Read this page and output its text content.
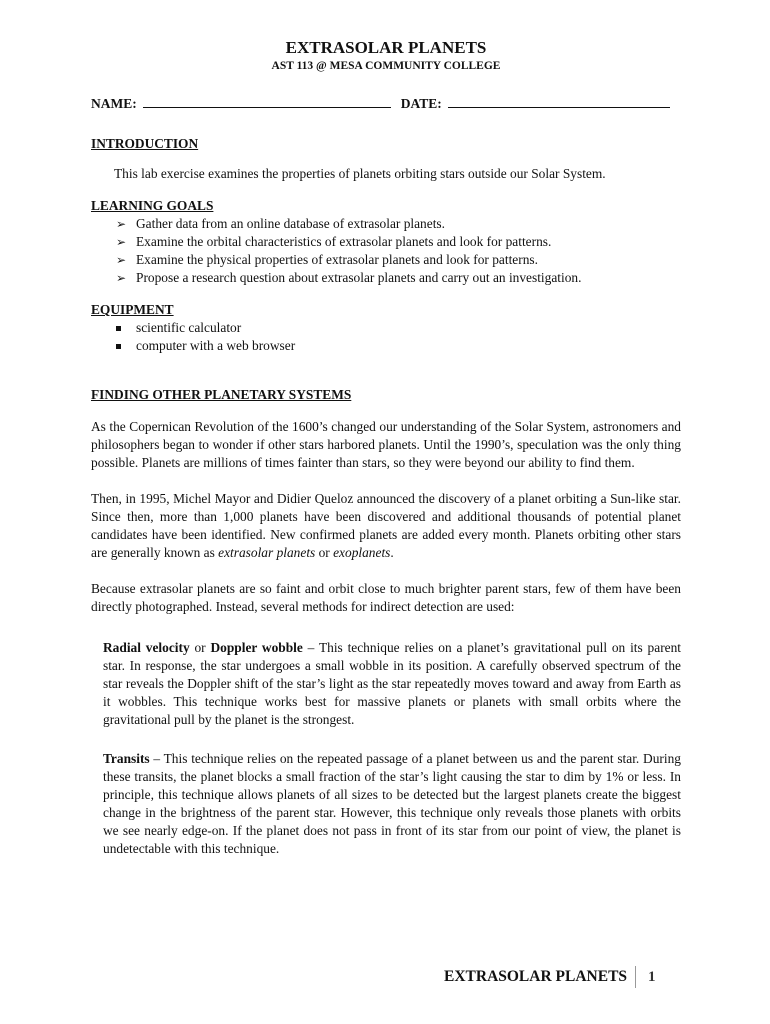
EXTRASOLAR PLANETS
AST 113 @ MESA COMMUNITY COLLEGE
NAME:	DATE:
INTRODUCTION

This lab exercise examines the properties of planets orbiting stars outside our Solar System.

LEARNING GOALS
➢ Gather data from an online database of extrasolar planets.
➢ Examine the orbital characteristics of extrasolar planets and look for patterns.
➢ Examine the physical properties of extrasolar planets and look for patterns.
➢ Propose a research question about extrasolar planets and carry out an investigation.
EQUIPMENT
scientific calculator
computer with a web browser
FINDING OTHER PLANETARY SYSTEMS

As the Copernican Revolution of the 1600’s changed our understanding of the Solar System, astronomers and philosophers began to wonder if other stars harbored planets. Until the 1990’s, speculation was the only thing possible. Planets are millions of times fainter than stars, so they were beyond our ability to find them.

Then, in 1995, Michel Mayor and Didier Queloz announced the discovery of a planet orbiting a Sun-like star. Since then, more than 1,000 planets have been discovered and additional thousands of potential planet candidates have been identified. New confirmed planets are added every month. Planets orbiting other stars are generally known as extrasolar planets or exoplanets.

Because extrasolar planets are so faint and orbit close to much brighter parent stars, few of them have been directly photographed. Instead, several methods for indirect detection are used:

Radial velocity or Doppler wobble – This technique relies on a planet’s gravitational pull on its parent star. In response, the star undergoes a small wobble in its position. A carefully observed spectrum of the star reveals the Doppler shift of the star’s light as the star repeatedly moves toward and away from Earth as it wobbles. This technique works best for massive planets or planets with small orbits where the gravitational pull by the planet is the strongest.

Transits – This technique relies on the repeated passage of a planet between us and the parent star. During these transits, the planet blocks a small fraction of the star’s light causing the star to dim by 1% or less. In principle, this technique allows planets of all sizes to be detected but the largest planets create the biggest change in the brightness of the parent star. However, this technique only reveals those planets with orbits we see nearly edge-on. If the planet does not pass in front of its star from our point of view, the planet is undetectable with this technique.

EXTRASOLAR PLANETS 1
